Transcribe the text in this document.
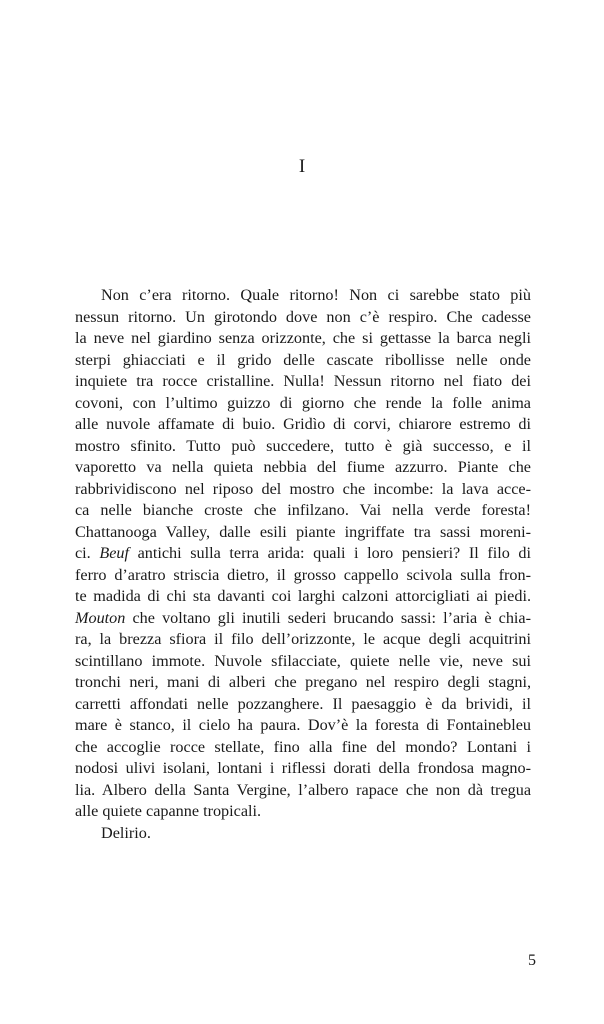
I

Non c’era ritorno. Quale ritorno! Non ci sarebbe stato più
nessun ritorno. Un girotondo dove non c’è respiro. Che cadesse
la neve nel giardino senza orizzonte, che si gettasse la barca negli
sterpi ghiacciati e il grido delle cascate ribollisse nelle onde
inquiete tra rocce cristalline. Nulla! Nessun ritorno nel fiato dei
covoni, con l’ultimo guizzo di giorno che rende la folle anima
alle nuvole affamate di buio. Gridìo di corvi, chiarore estremo di
mostro sfinito. Tutto può succedere, tutto è già successo, e il
vaporetto va nella quieta nebbia del fiume azzurro. Piante che
rabbrividiscono nel riposo del mostro che incombe: la lava acce-
ca nelle bianche croste che infilzano. Vai nella verde foresta!
Chattanooga Valley, dalle esili piante ingriffate tra sassi moreni-
ci. Beuf antichi sulla terra arida: quali i loro pensieri? Il filo di
ferro d’aratro striscia dietro, il grosso cappello scivola sulla fron-
te madida di chi sta davanti coi larghi calzoni attorcigliati ai piedi.
Mouton che voltano gli inutili sederi brucando sassi: l’aria è chia-
ra, la brezza sfiora il filo dell’orizzonte, le acque degli acquitrini
scintillano immote. Nuvole sfilacciate, quiete nelle vie, neve sui
tronchi neri, mani di alberi che pregano nel respiro degli stagni,
carretti affondati nelle pozzanghere. Il paesaggio è da brividi, il
mare è stanco, il cielo ha paura. Dov’è la foresta di Fontainebleu
che accoglie rocce stellate, fino alla fine del mondo? Lontani i
nodosi ulivi isolani, lontani i riflessi dorati della frondosa magno-
lia. Albero della Santa Vergine, l’albero rapace che non dà tregua
alle quiete capanne tropicali.

Delirio.

5
